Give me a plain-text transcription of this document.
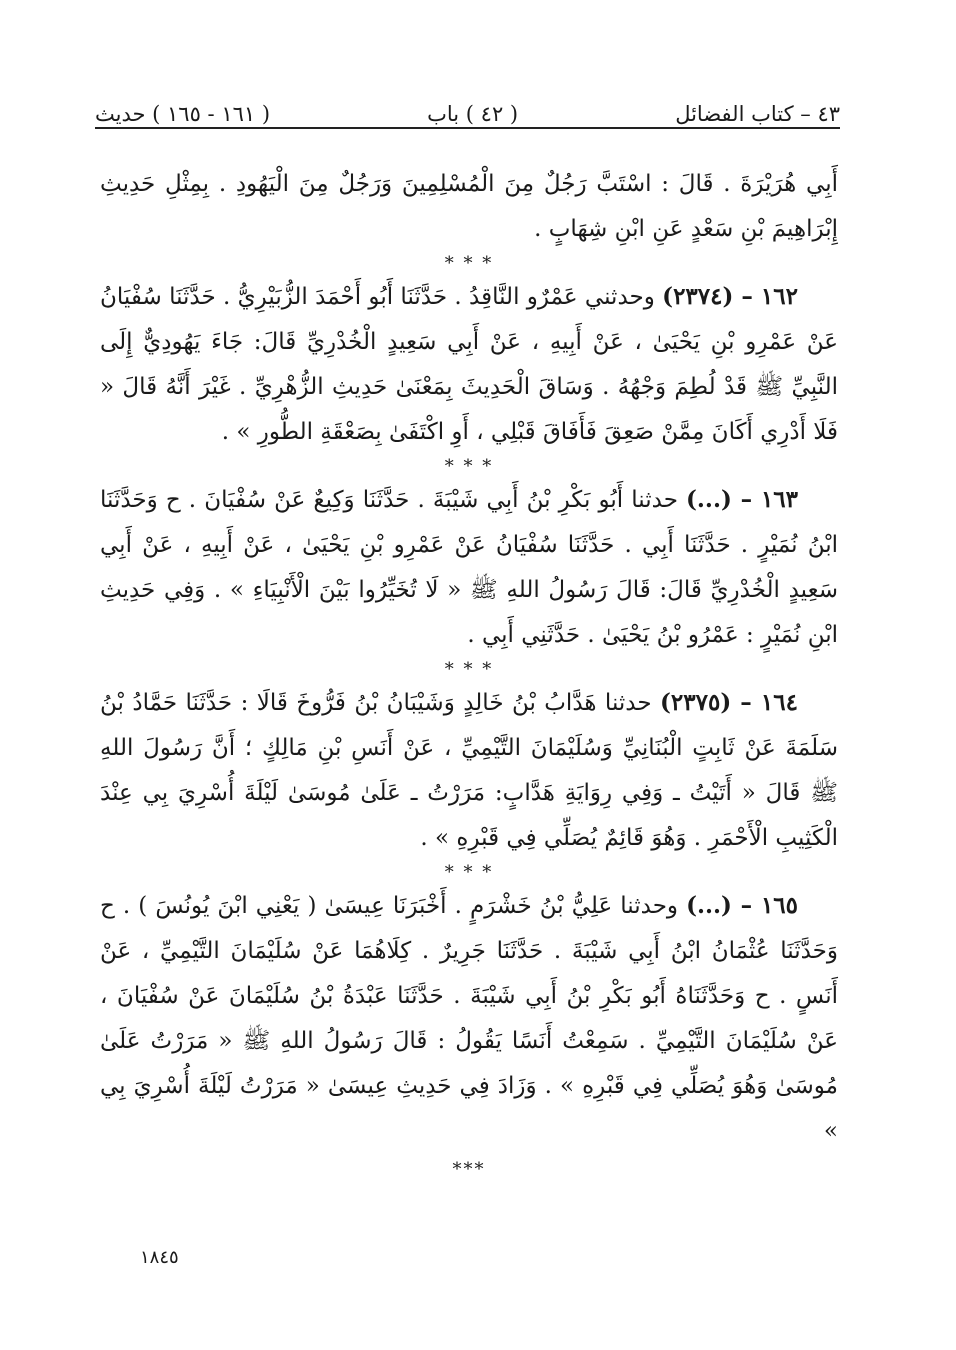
٤٣ – كتاب الفضائل
( ٤٢ ) باب
( ١٦١ - ١٦٥ ) حديث

أَبِي هُرَيْرَةَ . قَالَ : اسْتَبَّ رَجُلٌ مِنَ الْمُسْلِمِينَ وَرَجُلٌ مِنَ الْيَهُودِ . بِمِثْلِ حَدِيثِ إِبْرَاهِيمَ بْنِ سَعْدٍ عَنِ ابْنِ شِهَابٍ .

* * *

١٦٢ – (٢٣٧٤) وحدثني عَمْرٌو النَّاقِدُ . حَدَّثَنَا أَبُو أَحْمَدَ الزُّبَيْرِيُّ . حَدَّثَنَا سُفْيَانُ عَنْ عَمْرِو بْنِ يَحْيَىٰ ، عَنْ أَبِيهِ ، عَنْ أَبِي سَعِيدٍ الْخُدْرِيِّ قَالَ: جَاءَ يَهُودِيٌّ إِلَى النَّبِيِّ ﷺ قَدْ لُطِمَ وَجْهُهُ . وَسَاقَ الْحَدِيثَ بِمَعْنَىٰ حَدِيثِ الزُّهْرِيِّ . غَيْرَ أَنَّهُ قَالَ « فَلَا أَدْرِي أَكَانَ مِمَّنْ صَعِقَ فَأَفَاقَ قَبْلِي ، أَوِ اكْتَفَىٰ بِصَعْقَةِ الطُّورِ » .

* * *

١٦٣ – (...) حدثنا أَبُو بَكْرِ بْنُ أَبِي شَيْبَةَ . حَدَّثَنَا وَكِيعٌ عَنْ سُفْيَانَ . ح وَحَدَّثَنَا ابْنُ نُمَيْرٍ . حَدَّثَنَا أَبِي . حَدَّثَنَا سُفْيَانُ عَنْ عَمْرِو بْنِ يَحْيَىٰ ، عَنْ أَبِيهِ ، عَنْ أَبِي سَعِيدٍ الْخُدْرِيِّ قَالَ: قَالَ رَسُولُ اللهِ ﷺ « لَا تُخَيِّرُوا بَيْنَ الْأَنْبِيَاءِ » . وَفِي حَدِيثِ ابْنِ نُمَيْرٍ : عَمْرُو بْنُ يَحْيَىٰ . حَدَّثَنِي أَبِي .

* * *

١٦٤ – (٢٣٧٥) حدثنا هَدَّابُ بْنُ خَالِدٍ وَشَيْبَانُ بْنُ فَرُّوخَ قَالَا : حَدَّثَنَا حَمَّادُ بْنُ سَلَمَةَ عَنْ ثَابِتٍ الْبُنَانِيِّ وَسُلَيْمَانَ التَّيْمِيِّ ، عَنْ أَنَسِ بْنِ مَالِكٍ ؛ أَنَّ رَسُولَ اللهِ ﷺ قَالَ « أَتَيْتُ ـ وَفِي رِوَايَةِ هَدَّابٍ: مَرَرْتُ ـ عَلَىٰ مُوسَىٰ لَيْلَةَ أُسْرِيَ بِي عِنْدَ الْكَثِيبِ الْأَحْمَرِ . وَهُوَ قَائِمٌ يُصَلِّي فِي قَبْرِهِ » .

* * *

١٦٥ – (...) وحدثنا عَلِيُّ بْنُ خَشْرَمٍ . أَخْبَرَنَا عِيسَىٰ ( يَعْنِي ابْنَ يُونُسَ ) . ح وَحَدَّثَنَا عُثْمَانُ ابْنُ أَبِي شَيْبَةَ . حَدَّثَنَا جَرِيرٌ . كِلَاهُمَا عَنْ سُلَيْمَانَ التَّيْمِيِّ ، عَنْ أَنَسٍ . ح وَحَدَّثَنَاهُ أَبُو بَكْرِ بْنُ أَبِي شَيْبَةَ . حَدَّثَنَا عَبْدَةُ بْنُ سُلَيْمَانَ عَنْ سُفْيَانَ ، عَنْ سُلَيْمَانَ التَّيْمِيِّ . سَمِعْتُ أَنَسًا يَقُولُ : قَالَ رَسُولُ اللهِ ﷺ « مَرَرْتُ عَلَىٰ مُوسَىٰ وَهُوَ يُصَلِّي فِي قَبْرِهِ » . وَزَادَ فِي حَدِيثِ عِيسَىٰ « مَرَرْتُ لَيْلَةَ أُسْرِيَ بِي »

***
١٨٤٥
